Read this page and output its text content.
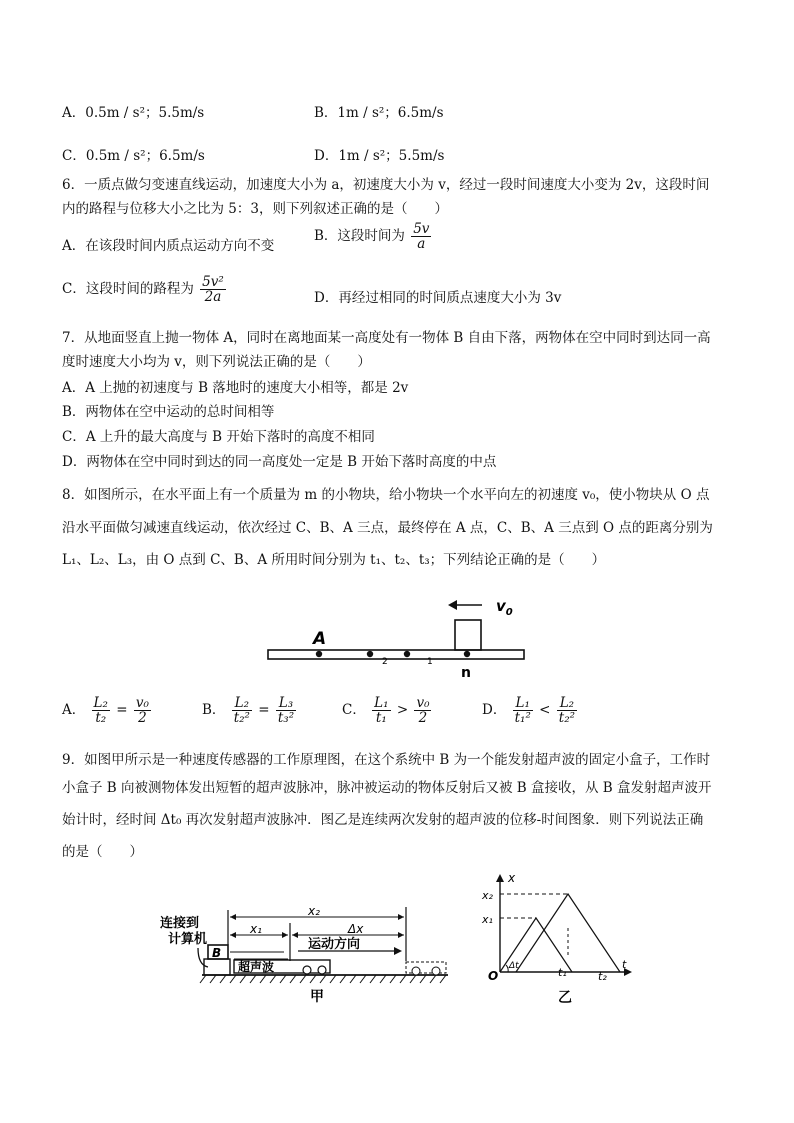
A．0.5m / s²；5.5m/s	B．1m / s²；6.5m/s
C．0.5m / s²；6.5m/s	D．1m / s²；5.5m/s
6．一质点做匀变速直线运动，加速度大小为 a，初速度大小为 v，经过一段时间速度大小变为 2v，这段时间
内的路程与位移大小之比为 5：3，则下列叙述正确的是（　　）
A．在该段时间内质点运动方向不变
B．这段时间为 $\frac{5v}{a}$
C．这段时间的路程为 $\frac{\text{5v²}}{2a}$	D．再经过相同的时间质点速度大小为 3v
7．从地面竖直上抛一物体 A，同时在离地面某一高度处有一物体 B 自由下落，两物体在空中同时到达同一高
度时速度大小均为 v，则下列说法正确的是（　　）
A．A 上抛的初速度与 B 落地时的速度大小相等，都是 2v
B．两物体在空中运动的总时间相等
C．A 上升的最大高度与 B 开始下落时的高度不相同
D．两物体在空中同时到达的同一高度处一定是 B 开始下落时高度的中点
8．如图所示，在水平面上有一个质量为 m 的小物块，给小物块一个水平向左的初速度 v₀，使小物块从 O 点
沿水平面做匀减速直线运动，依次经过 C、B、A 三点，最终停在 A 点，C、B、A 三点到 O 点的距离分别为
L₁、L₂、L₃，由 O 点到 C、B、A 所用时间分别为 t₁、t₂、t₃；下列结论正确的是（　　）
$v_0$
A
2	1
n
A． $\frac{\text{L₂}}{\text{t₂}} = \frac{\text{v₀}}{2}$	B． $\frac{\text{L₂}}{\text{t₂²}} = \frac{\text{L₃}}{\text{t₃²}}$	C． $\frac{\text{L₁}}{\text{t₁}} > \frac{\text{v₀}}{2}$	D． $\frac{\text{L₁}}{\text{t₁²}} < \frac{\text{L₂}}{\text{t₂²}}$
9．如图甲所示是一种速度传感器的工作原理图，在这个系统中 B 为一个能发射超声波的固定小盒子，工作时
小盒子 B 向被测物体发出短暂的超声波脉冲，脉冲被运动的物体反射后又被 B 盒接收，从 B 盒发射超声波开
始计时，经时间 Δt₀ 再次发射超声波脉冲．图乙是连续两次发射的超声波的位移-时间图象．则下列说法正确
的是（　　）
连接到
计算机
B
x₂
x₁	Δx
运动方向
超声波
甲
x
x₂
x₁
Δt
O	t₁	t₂
t
乙
